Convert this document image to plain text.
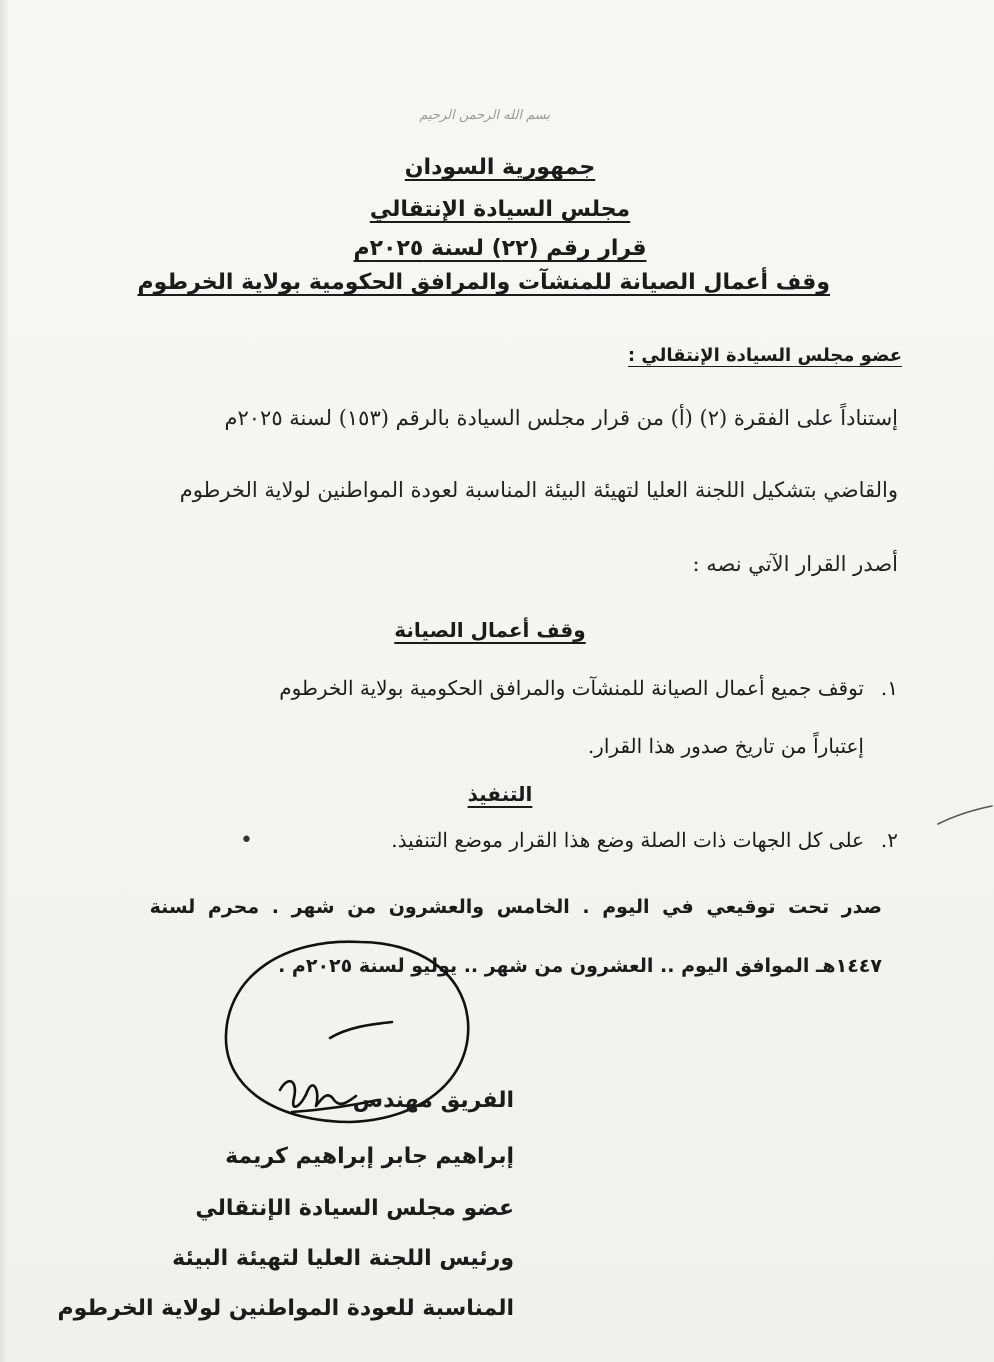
بسم الله الرحمن الرحيم
جمهورية السودان
مجلس السيادة الإنتقالي
قرار رقم (٢٢) لسنة ٢٠٢٥م
وقف أعمال الصيانة للمنشآت والمرافق الحكومية بولاية الخرطوم
عضو مجلس السيادة الإنتقالي :
إستناداً على الفقرة (٢) (أ) من قرار مجلس السيادة بالرقم (١٥٣) لسنة ٢٠٢٥م
والقاضي بتشكيل اللجنة العليا لتهيئة البيئة المناسبة لعودة المواطنين لولاية الخرطوم
أصدر القرار الآتي نصه :
وقف أعمال الصيانة
١.
توقف جميع أعمال الصيانة للمنشآت والمرافق الحكومية بولاية الخرطوم
إعتباراً من تاريخ صدور هذا القرار.
التنفيذ
٢.
على كل الجهات ذات الصلة وضع هذا القرار موضع التنفيذ.
•
صدر تحت توقيعي في اليوم . الخامس والعشرون من شهر . محرم لسنة
١٤٤٧هـ الموافق اليوم .. العشرون من شهر .. يوليو لسنة ٢٠٢٥م .
الفريق مهندس
إبراهيم جابر إبراهيم كريمة
عضو مجلس السيادة الإنتقالي
ورئيس اللجنة العليا لتهيئة البيئة
المناسبة للعودة المواطنين لولاية الخرطوم
